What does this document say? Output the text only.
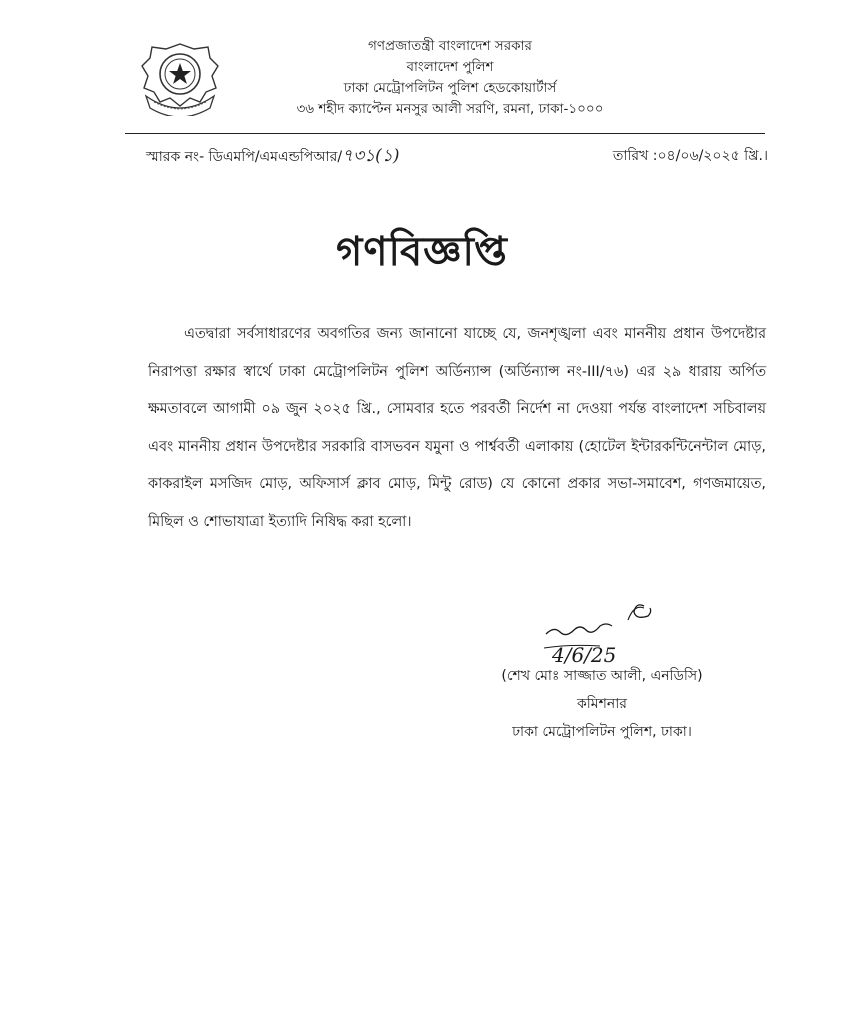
গণপ্রজাতন্ত্রী বাংলাদেশ সরকার
বাংলাদেশ পুলিশ
ঢাকা মেট্রোপলিটন পুলিশ হেডকোয়ার্টার্স
৩৬ শহীদ ক্যাপ্টেন মনসুর আলী সরণি, রমনা, ঢাকা-১০০০
স্মারক নং- ডিএমপি/এমএন্ডপিআর/৭৩১(১)	তারিখ :০৪/০৬/২০২৫ খ্রি.।
গণবিজ্ঞপ্তি
এতদ্বারা সর্বসাধারণের অবগতির জন্য জানানো যাচ্ছে যে, জনশৃঙ্খলা এবং মাননীয় প্রধান উপদেষ্টার নিরাপত্তা রক্ষার স্বার্থে ঢাকা মেট্রোপলিটন পুলিশ অর্ডিন্যান্স (অর্ডিন্যান্স নং-III/৭৬) এর ২৯ ধারায় অর্পিত ক্ষমতাবলে আগামী ০৯ জুন ২০২৫ খ্রি., সোমবার হতে পরবর্তী নির্দেশ না দেওয়া পর্যন্ত বাংলাদেশ সচিবালয় এবং মাননীয় প্রধান উপদেষ্টার সরকারি বাসভবন যমুনা ও পার্শ্ববর্তী এলাকায় (হোটেল ইন্টারকন্টিনেন্টাল মোড়, কাকরাইল মসজিদ মোড়, অফিসার্স ক্লাব মোড়, মিন্টু রোড) যে কোনো প্রকার সভা-সমাবেশ, গণজমায়েত, মিছিল ও শোভাযাত্রা ইত্যাদি নিষিদ্ধ করা হলো।
4/6/25
(শেখ মোঃ সাজ্জাত আলী, এনডিসি)
কমিশনার
ঢাকা মেট্রোপলিটন পুলিশ, ঢাকা।
